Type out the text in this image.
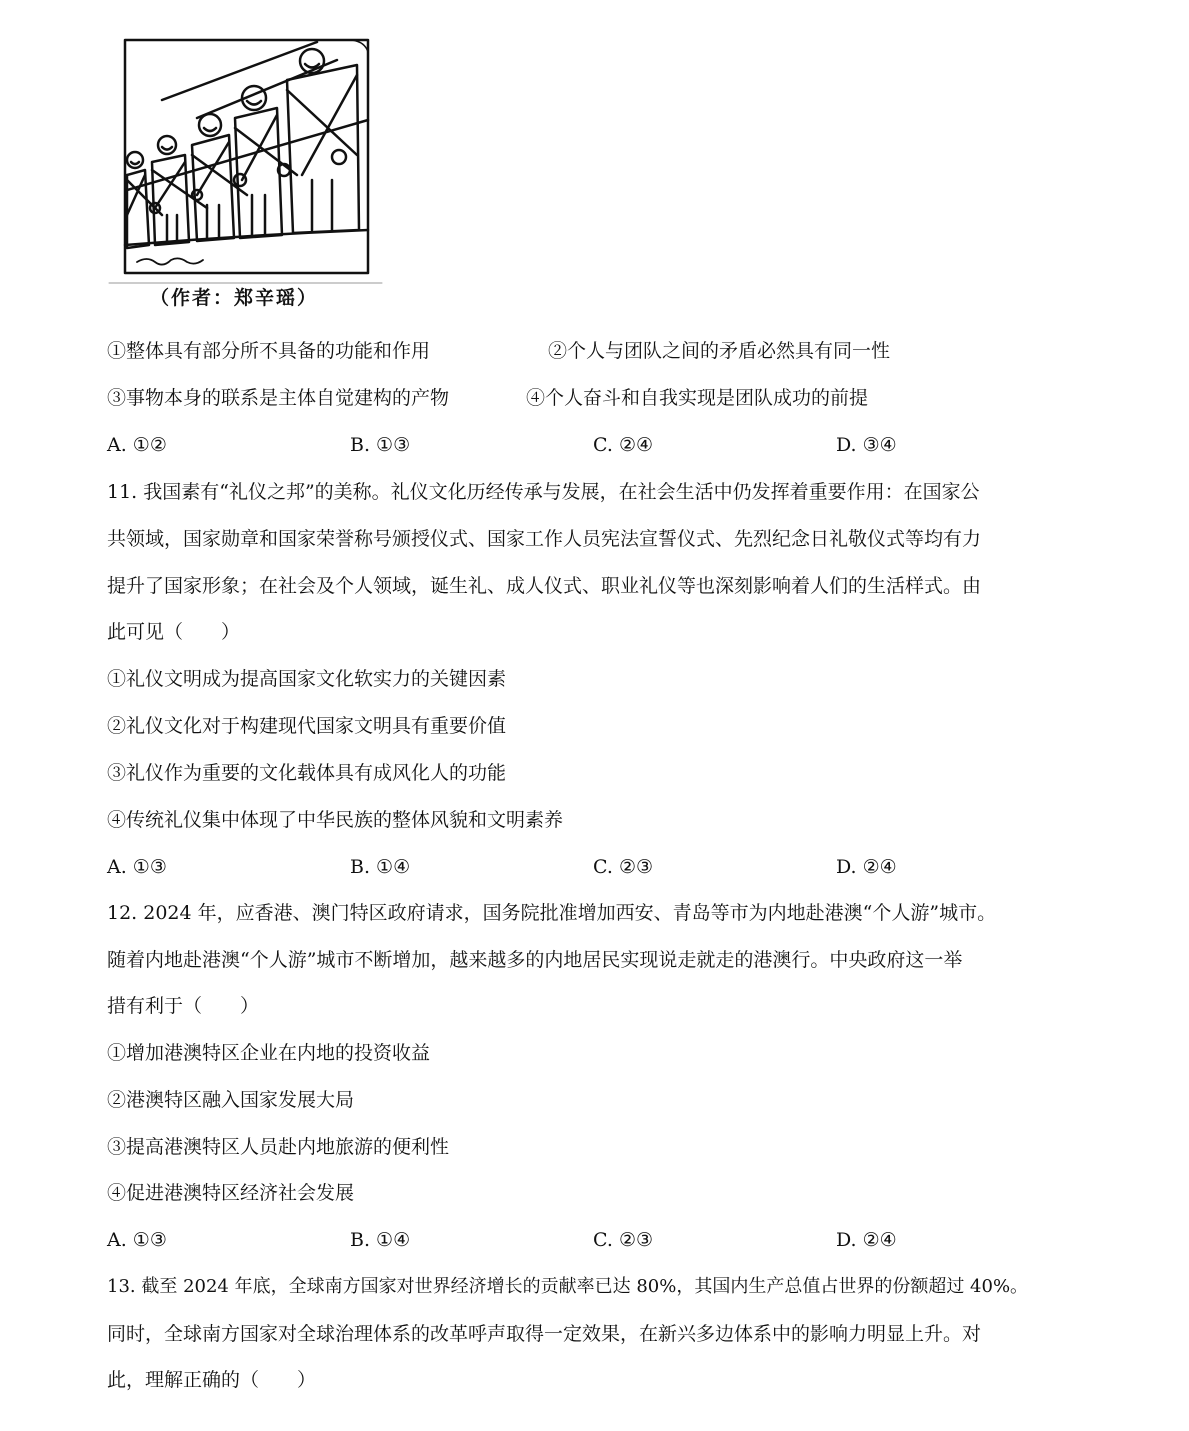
（作者：郑辛瑶）
①整体具有部分所不具备的功能和作用	②个人与团队之间的矛盾必然具有同一性
③事物本身的联系是主体自觉建构的产物	④个人奋斗和自我实现是团队成功的前提
A. ①②	B. ①③	C. ②④	D. ③④
11. 我国素有“礼仪之邦”的美称。礼仪文化历经传承与发展，在社会生活中仍发挥着重要作用：在国家公
共领域，国家勋章和国家荣誉称号颁授仪式、国家工作人员宪法宣誓仪式、先烈纪念日礼敬仪式等均有力
提升了国家形象；在社会及个人领域，诞生礼、成人仪式、职业礼仪等也深刻影响着人们的生活样式。由
此可见（　　）
①礼仪文明成为提高国家文化软实力的关键因素
②礼仪文化对于构建现代国家文明具有重要价值
③礼仪作为重要的文化载体具有成风化人的功能
④传统礼仪集中体现了中华民族的整体风貌和文明素养
A. ①③	B. ①④	C. ②③	D. ②④
12. 2024 年，应香港、澳门特区政府请求，国务院批准增加西安、青岛等市为内地赴港澳“个人游”城市。
随着内地赴港澳“个人游”城市不断增加，越来越多的内地居民实现说走就走的港澳行。中央政府这一举
措有利于（　　）
①增加港澳特区企业在内地的投资收益
②港澳特区融入国家发展大局
③提高港澳特区人员赴内地旅游的便利性
④促进港澳特区经济社会发展
A. ①③	B. ①④	C. ②③	D. ②④
13. 截至 2024 年底，全球南方国家对世界经济增长的贡献率已达 80%，其国内生产总值占世界的份额超过 40%。
同时，全球南方国家对全球治理体系的改革呼声取得一定效果，在新兴多边体系中的影响力明显上升。对
此，理解正确的（　　）
